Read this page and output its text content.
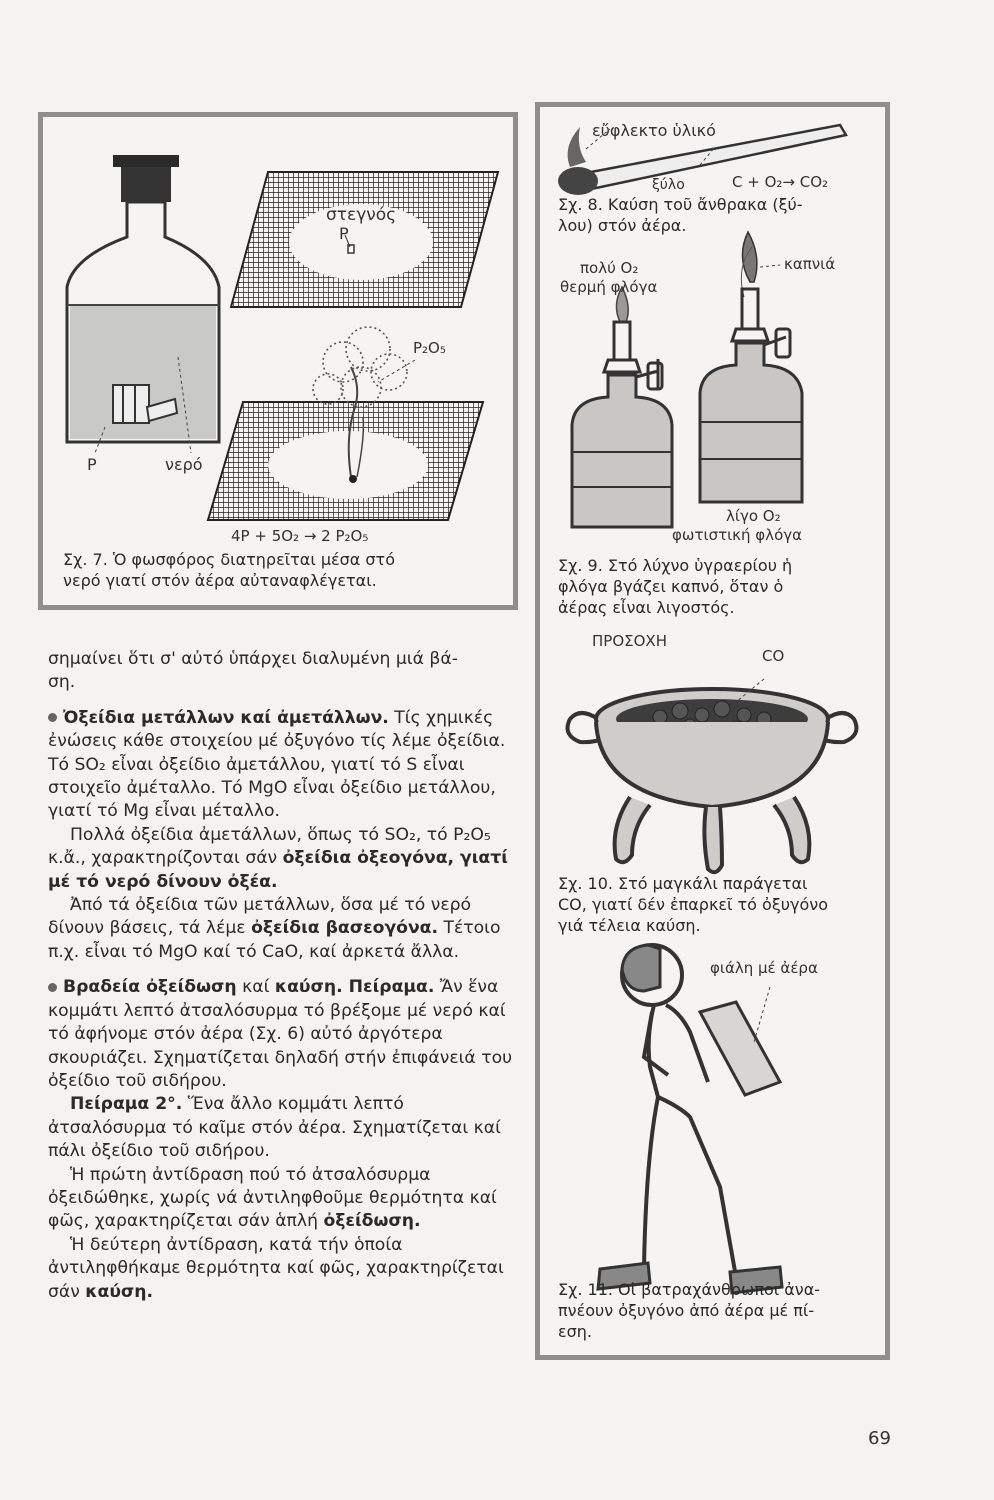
στεγνός
P
P₂O₅
P	νερό
4P + 5O₂ → 2 P₂O₅
Σχ. 7. Ὁ φωσφόρος διατηρεῖται μέσα στό
νερό γιατί στόν ἀέρα αὐταναφλέγεται.
εὔφλεκτο ὑλικό
ξύλο	C + O₂→ CO₂
Σχ. 8. Καύση τοῦ ἄνθρακα (ξύ-
λου) στόν ἀέρα.
πολύ O₂
θερμή φλόγα
καπνιά
λίγο O₂
φωτιστική φλόγα
Σχ. 9. Στό λύχνο ὑγραερίου ἡ
φλόγα βγάζει καπνό, ὅταν ὁ
ἀέρας εἶναι λιγοστός.
ΠΡΟΣΟΧΗ
CO
Σχ. 10. Στό μαγκάλι παράγεται
CO, γιατί δέν ἐπαρκεῖ τό ὀξυγόνο
γιά τέλεια καύση.
φιάλη μέ ἀέρα
Σχ. 11. Οἱ βατραχάνθρωποι ἀνα-
πνέουν ὀξυγόνο ἀπό ἀέρα μέ πί-
εση.

σημαίνει ὅτι σ' αὐτό ὑπάρχει διαλυμένη μιά βά-

ση.

Ὀξείδια μετάλλων καί ἀμετάλλων. Τίς χημικές ἐνώσεις κάθε στοιχείου μέ ὀξυγόνο τίς λέμε ὀξείδια. Τό SO₂ εἶναι ὀξείδιο ἀμετάλλου, γιατί τό S εἶναι στοιχεῖο ἀμέταλλο. Τό MgO εἶναι ὀξείδιο μετάλλου, γιατί τό Mg εἶναι μέταλλο.

Πολλά ὀξείδια ἀμετάλλων, ὅπως τό SO₂, τό P₂O₅ κ.ἄ., χαρακτηρίζονται σάν ὀξείδια ὀξεογόνα, γιατί μέ τό νερό δίνουν ὀξέα.

Ἀπό τά ὀξείδια τῶν μετάλλων, ὅσα μέ τό νερό δίνουν βάσεις, τά λέμε ὀξείδια βασεογόνα. Τέτοιο π.χ. εἶναι τό MgO καί τό CaO, καί ἀρκετά ἄλλα.

Βραδεία ὀξείδωση καί καύση. Πείραμα. Ἄν ἕνα κομμάτι λεπτό ἀτσαλόσυρμα τό βρέξομε μέ νερό καί τό ἀφήνομε στόν ἀέρα (Σχ. 6) αὐτό ἀργότερα σκουριάζει. Σχηματίζεται δηλαδή στήν ἐπιφάνειά του ὀξείδιο τοῦ σιδήρου.

Πείραμα 2°. Ἕνα ἄλλο κομμάτι λεπτό ἀτσαλόσυρμα τό καῖμε στόν ἀέρα. Σχηματίζεται καί πάλι ὀξείδιο τοῦ σιδήρου.

Ἡ πρώτη ἀντίδραση πού τό ἀτσαλόσυρμα ὀξειδώθηκε, χωρίς νά ἀντιληφθοῦμε θερμότητα καί φῶς, χαρακτηρίζεται σάν ἁπλή ὀξείδωση.

Ἡ δεύτερη ἀντίδραση, κατά τήν ὁποία ἀντιληφθήκαμε θερμότητα καί φῶς, χαρακτηρίζεται σάν καύση.

69
